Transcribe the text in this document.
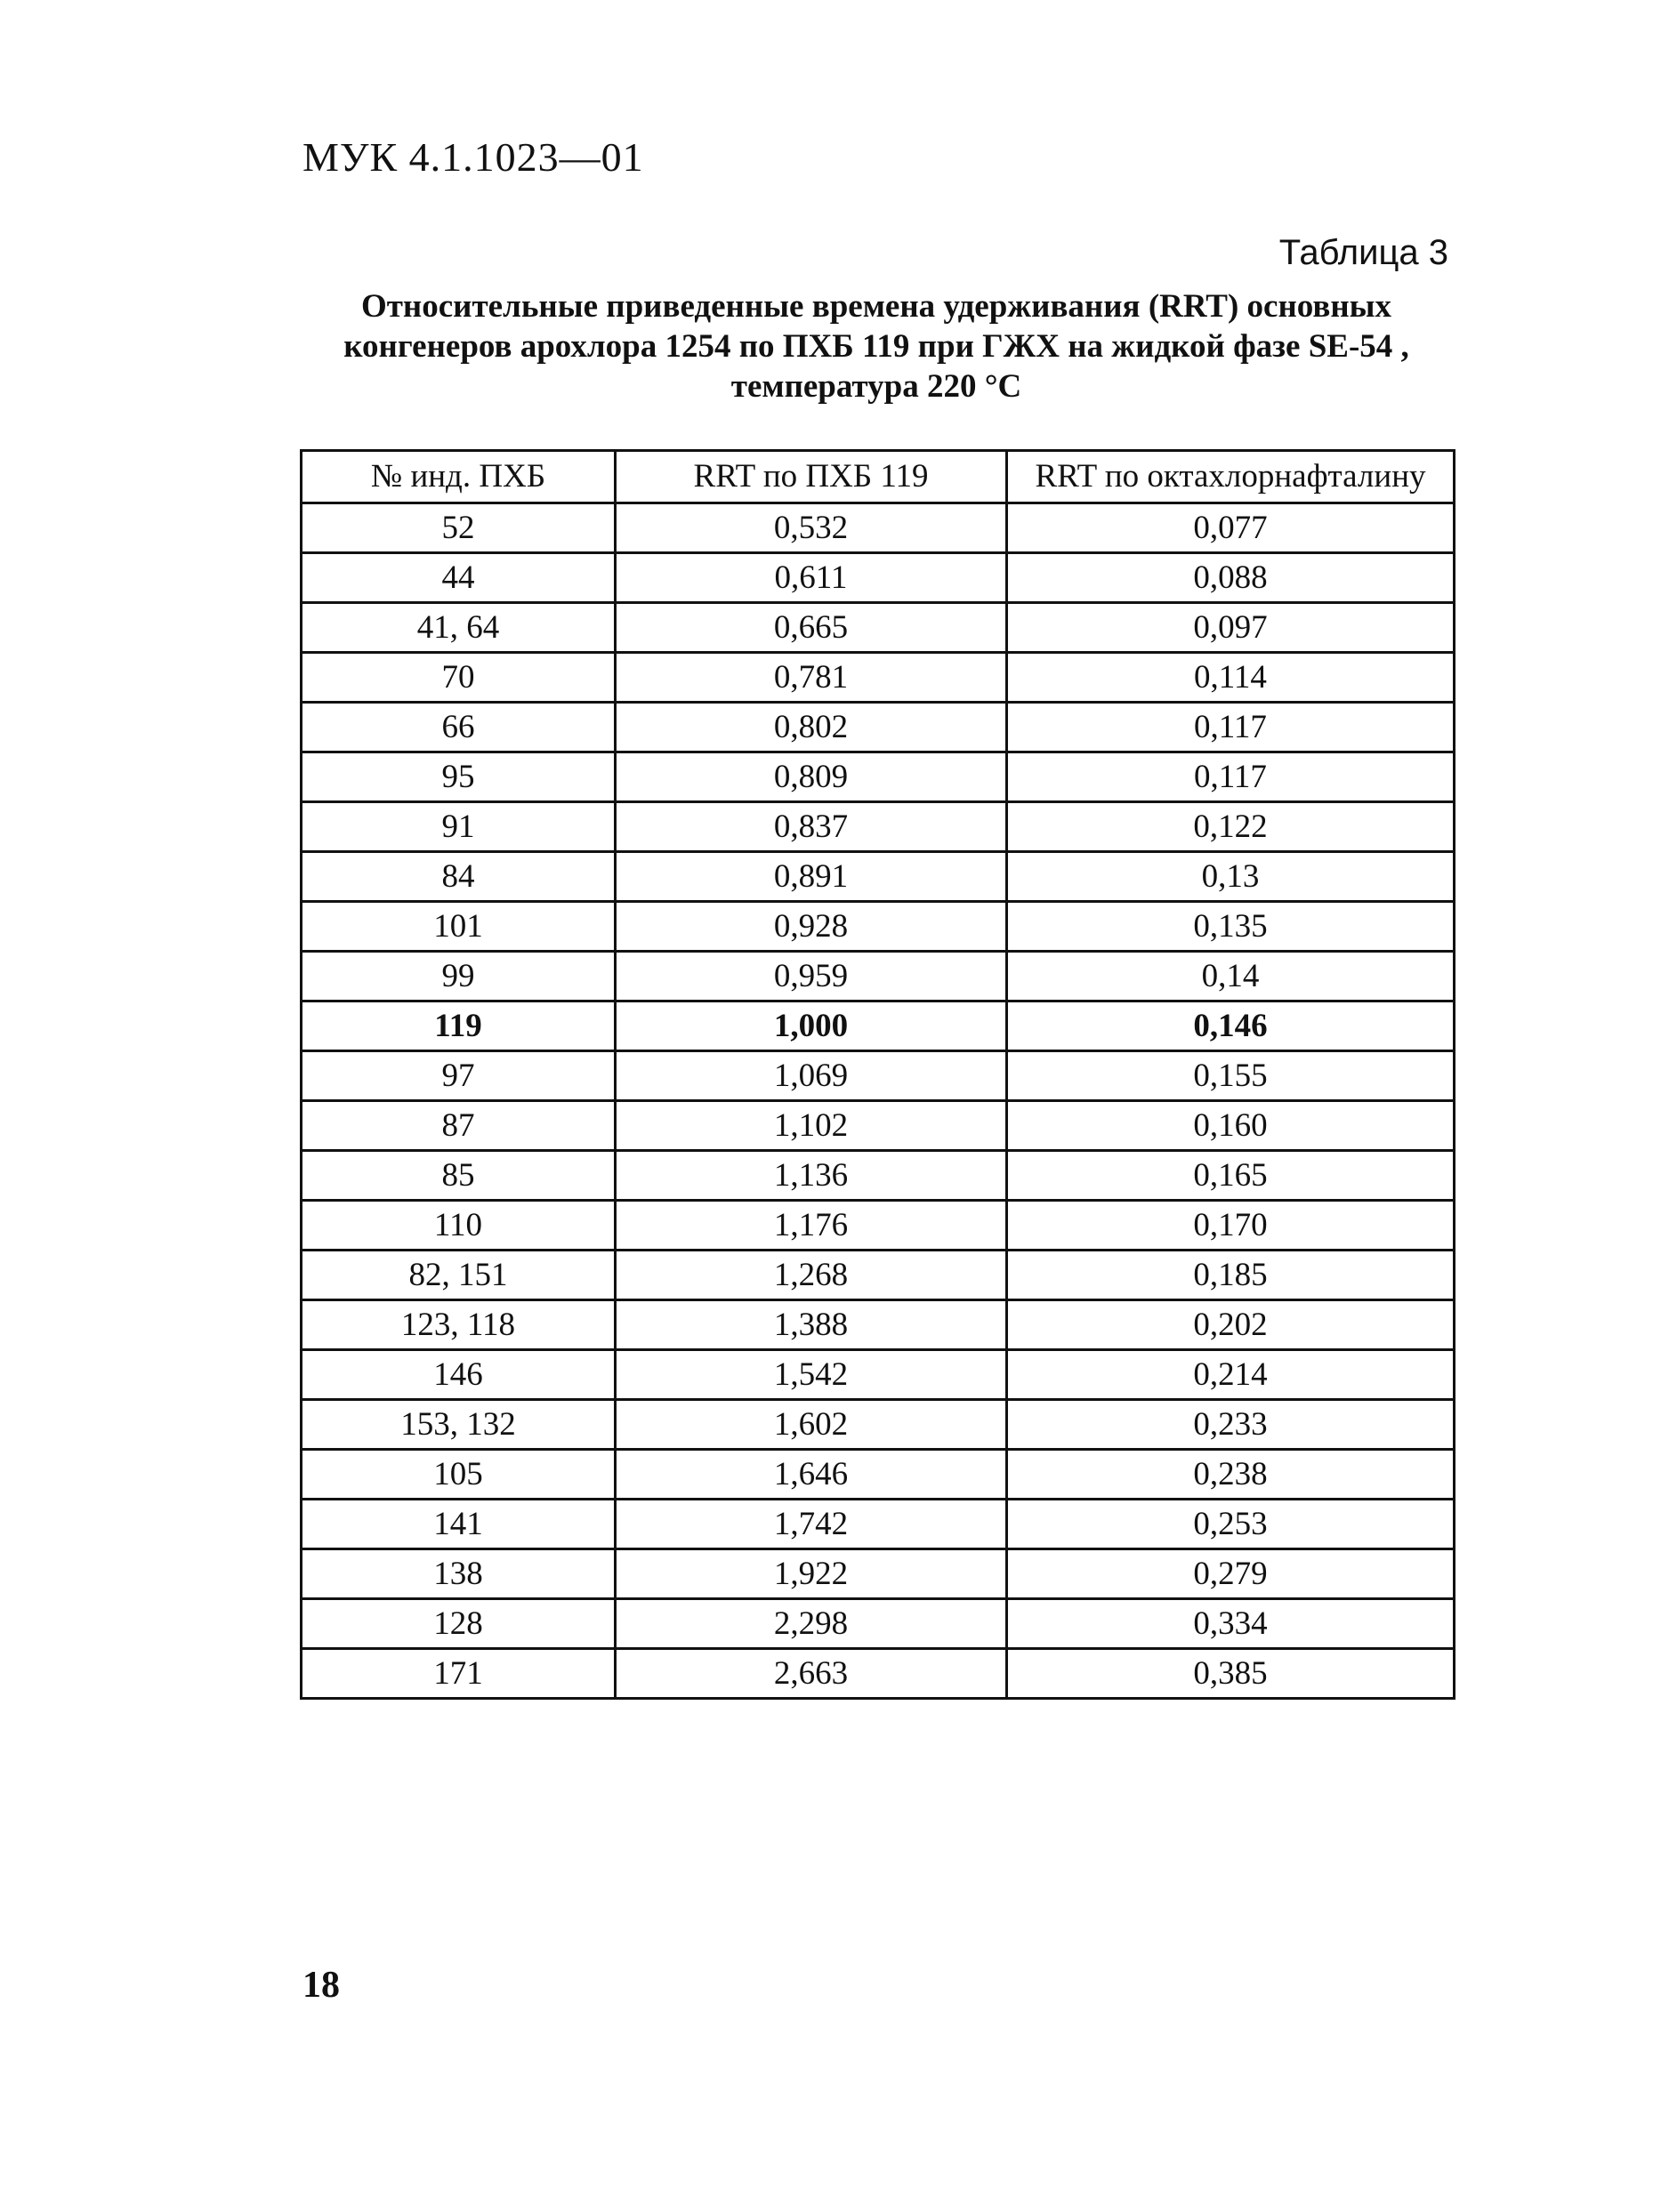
МУК 4.1.1023—01
Таблица 3
Относительные приведенные времена удерживания (RRT) основных
конгенеров арохлора 1254 по ПХБ 119 при ГЖХ на жидкой фазе SE-54 ,
температура 220 °С
№ инд. ПХБ	RRT по ПХБ 119	RRT по октахлорнафталину
52	0,532	0,077
44	0,611	0,088
41, 64	0,665	0,097
70	0,781	0,114
66	0,802	0,117
95	0,809	0,117
91	0,837	0,122
84	0,891	0,13
101	0,928	0,135
99	0,959	0,14
119	1,000	0,146
97	1,069	0,155
87	1,102	0,160
85	1,136	0,165
110	1,176	0,170
82, 151	1,268	0,185
123, 118	1,388	0,202
146	1,542	0,214
153, 132	1,602	0,233
105	1,646	0,238
141	1,742	0,253
138	1,922	0,279
128	2,298	0,334
171	2,663	0,385
18
